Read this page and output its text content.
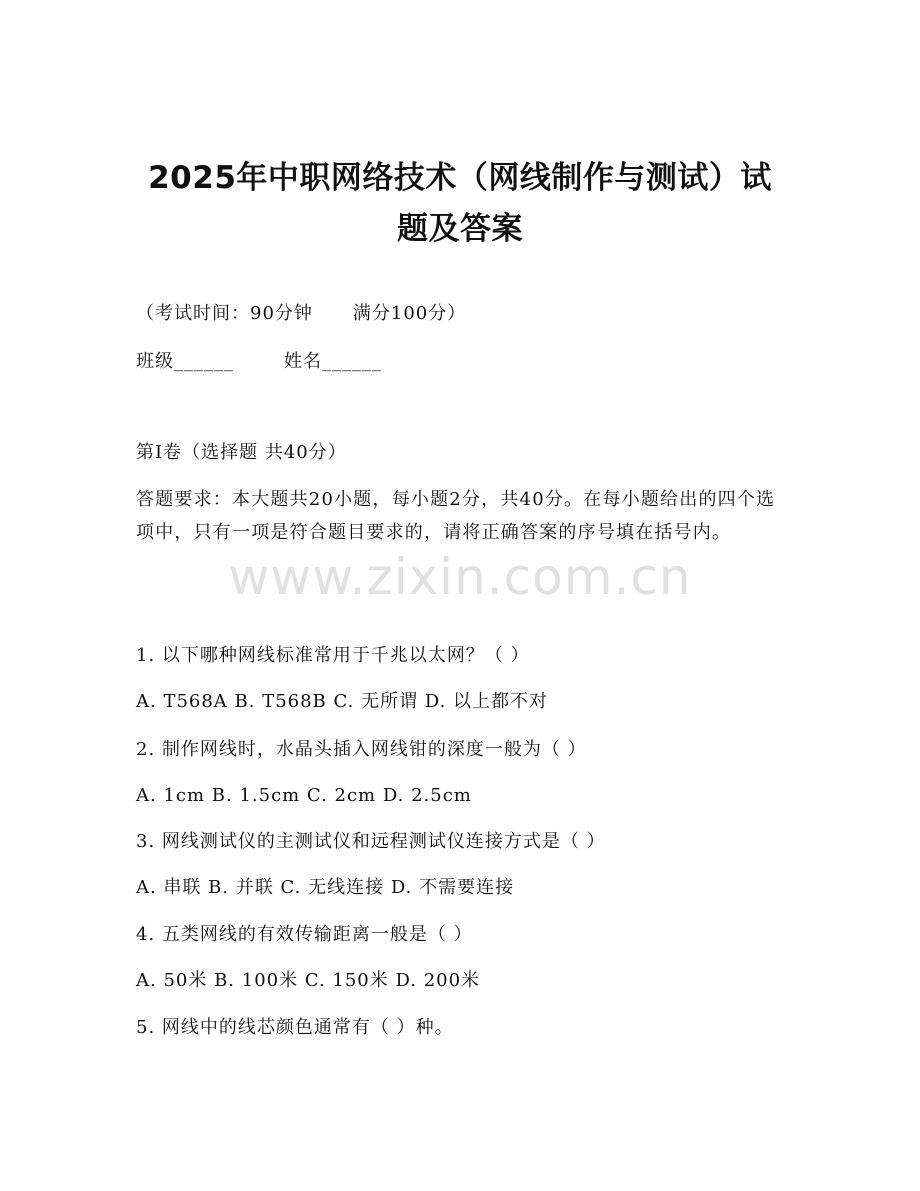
2025年中职网络技术（网线制作与测试）试
题及答案
（考试时间：90分钟 满分100分）
班级______	姓名______
第I卷（选择题 共40分）
答题要求：本大题共20小题，每小题2分，共40分。在每小题给出的四个选项中，只有一项是符合题目要求的，请将正确答案的序号填在括号内。
www.zixin.com.cn
1. 以下哪种网线标准常用于千兆以太网？（ ）
A. T568A B. T568B C. 无所谓 D. 以上都不对
2. 制作网线时，水晶头插入网线钳的深度一般为（ ）
A. 1cm B. 1.5cm C. 2cm D. 2.5cm
3. 网线测试仪的主测试仪和远程测试仪连接方式是（ ）
A. 串联 B. 并联 C. 无线连接 D. 不需要连接
4. 五类网线的有效传输距离一般是（ ）
A. 50米 B. 100米 C. 150米 D. 200米
5. 网线中的线芯颜色通常有（ ）种。
